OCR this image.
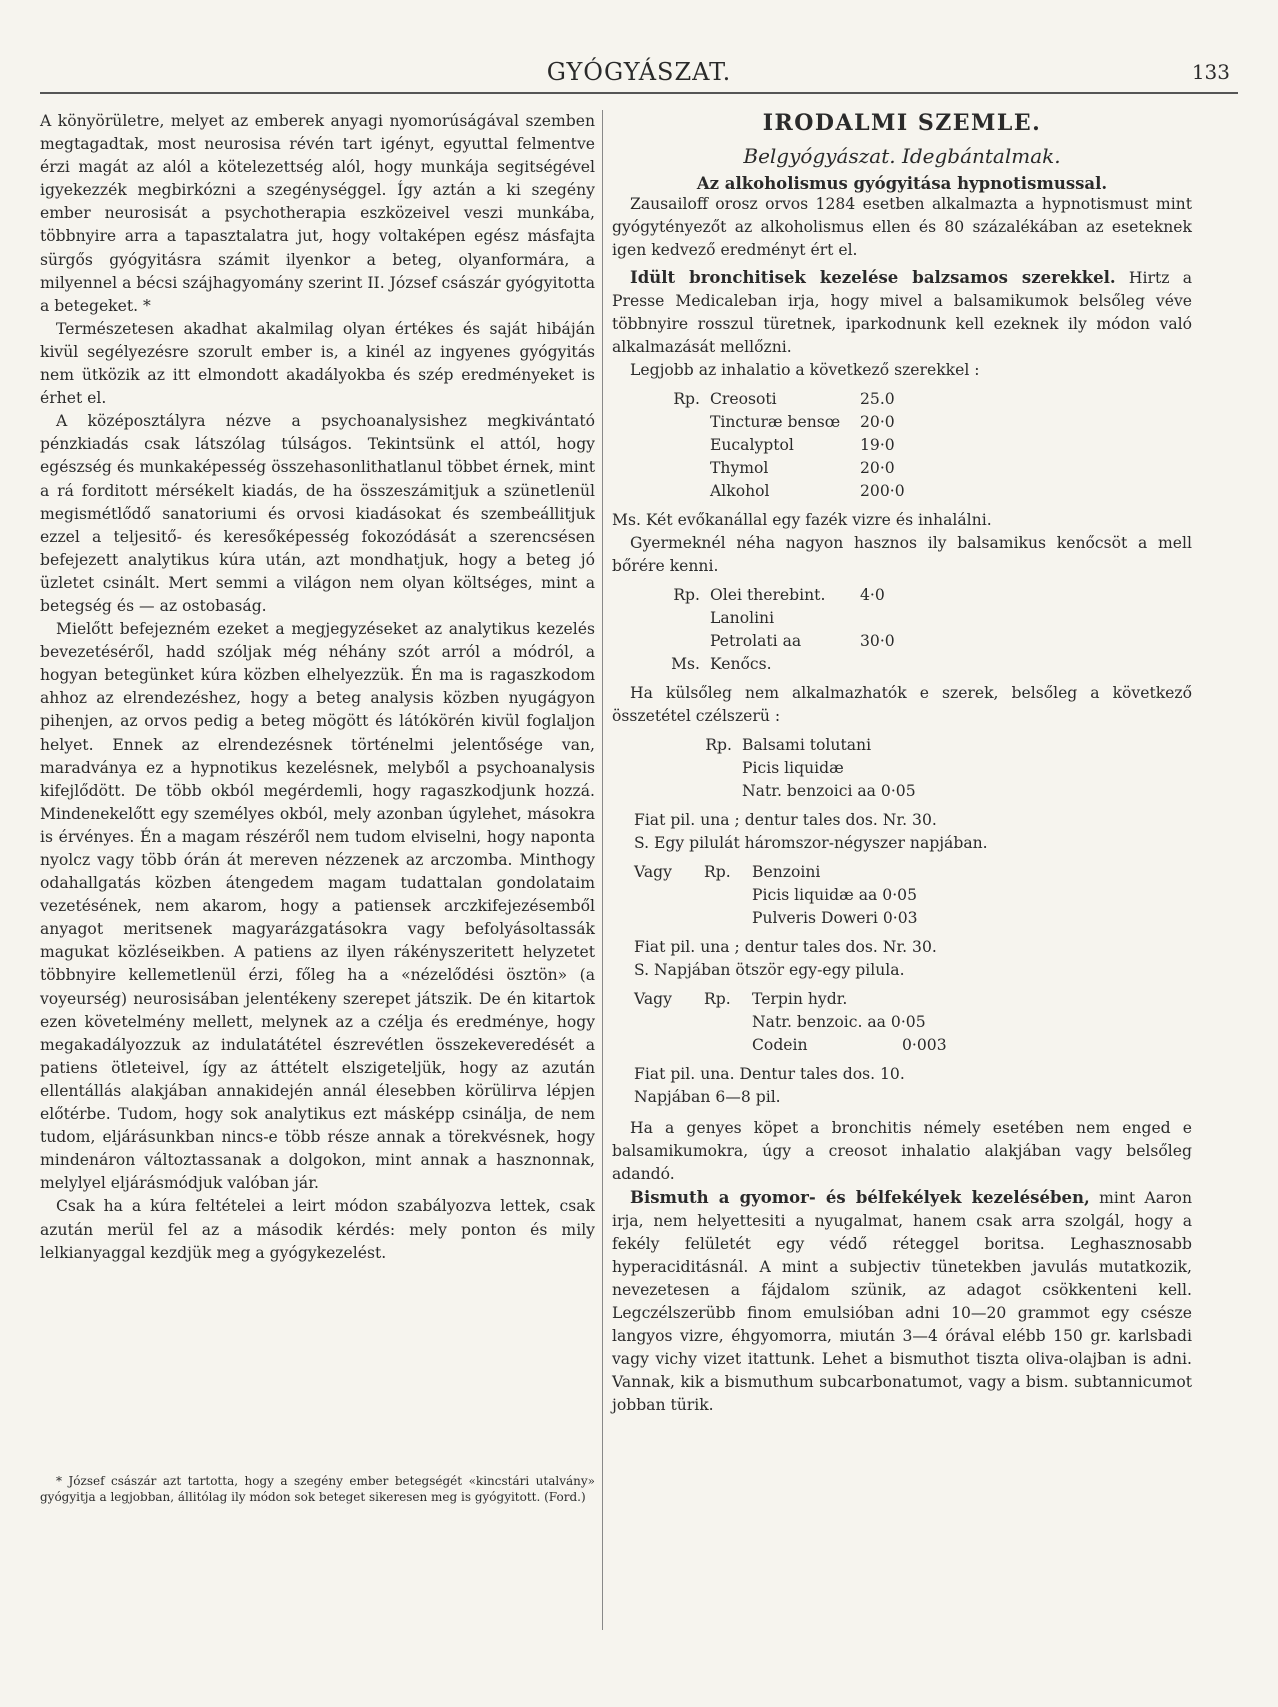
GYÓGYÁSZAT.	133

A könyörületre, melyet az emberek anyagi nyomorúságával szemben megtagadtak, most neurosisa révén tart igényt, egyuttal felmentve érzi magát az alól a kötelezettség alól, hogy munkája segitségével igyekezzék megbirkózni a szegénységgel. Így aztán a ki szegény ember neurosisát a psychotherapia eszközeivel veszi munkába, többnyire arra a tapasztalatra jut, hogy voltaképen egész másfajta sürgős gyógyitásra számit ilyenkor a beteg, olyanformára, a milyennel a bécsi szájhagyomány szerint II. József császár gyógyitotta a betegeket. *

Természetesen akadhat akalmilag olyan értékes és saját hibáján kivül segélyezésre szorult ember is, a kinél az ingyenes gyógyitás nem ütközik az itt elmondott akadályokba és szép eredményeket is érhet el.

A középosztályra nézve a psychoanalysishez megkivántató pénzkiadás csak látszólag túlságos. Tekintsünk el attól, hogy egészség és munkaképesség összehasonlithatlanul többet érnek, mint a rá forditott mérsékelt kiadás, de ha összeszámitjuk a szünetlenül megismétlődő sanatoriumi és orvosi kiadásokat és szembeállitjuk ezzel a teljesitő- és keresőképesség fokozódását a szerencsésen befejezett analytikus kúra után, azt mondhatjuk, hogy a beteg jó üzletet csinált. Mert semmi a világon nem olyan költséges, mint a betegség és — az ostobaság.

Mielőtt befejezném ezeket a megjegyzéseket az analytikus kezelés bevezetéséről, hadd szóljak még néhány szót arról a módról, a hogyan betegünket kúra közben elhelyezzük. Én ma is ragaszkodom ahhoz az elrendezéshez, hogy a beteg analysis közben nyugágyon pihenjen, az orvos pedig a beteg mögött és látókörén kivül foglaljon helyet. Ennek az elrendezésnek történelmi jelentősége van, maradványa ez a hypnotikus kezelésnek, melyből a psychoanalysis kifejlődött. De több okból megérdemli, hogy ragaszkodjunk hozzá. Mindenekelőtt egy személyes okból, mely azonban úgylehet, másokra is érvényes. Én a magam részéről nem tudom elviselni, hogy naponta nyolcz vagy több órán át mereven nézzenek az arczomba. Minthogy odahallgatás közben átengedem magam tudattalan gondolataim vezetésének, nem akarom, hogy a patiensek arczkifejezésemből anyagot meritsenek magyarázgatásokra vagy befolyásoltassák magukat közléseikben. A patiens az ilyen rákényszeritett helyzetet többnyire kellemetlenül érzi, főleg ha a «nézelődési ösztön» (a voyeurség) neurosisában jelentékeny szerepet játszik. De én kitartok ezen követelmény mellett, melynek az a czélja és eredménye, hogy megakadályozzuk az indulatátétel észrevétlen összekeveredését a patiens ötleteivel, így az áttételt elszigeteljük, hogy az azután ellentállás alakjában annakidején annál élesebben körülirva lépjen előtérbe. Tudom, hogy sok analytikus ezt másképp csinálja, de nem tudom, eljárásunkban nincs-e több része annak a törekvésnek, hogy mindenáron változtassanak a dolgokon, mint annak a hasznonnak, melylyel eljárásmódjuk valóban jár.

Csak ha a kúra feltételei a leirt módon szabályozva lettek, csak azután merül fel az a második kérdés: mely ponton és mily lelkianyaggal kezdjük meg a gyógykezelést.

* József császár azt tartotta, hogy a szegény ember betegségét «kincstári utalvány» gyógyitja a legjobban, állitólag ily módon sok beteget sikeresen meg is gyógyitott. (Ford.)

IRODALMI SZEMLE.
Belgyógyászat. Idegbántalmak.
Az alkoholismus gyógyitása hypnotismussal.

Zausailoff orosz orvos 1284 esetben alkalmazta a hypnotismust mint gyógytényezőt az alkoholismus ellen és 80 százalékában az eseteknek igen kedvező eredményt ért el.

Idült bronchitisek kezelése balzsamos szerekkel. Hirtz a Presse Medicaleban irja, hogy mivel a balsamikumok belsőleg véve többnyire rosszul türetnek, iparkodnunk kell ezeknek ily módon való alkalmazását mellőzni.

Legjobb az inhalatio a következő szerekkel :

Rp. Creosoti	25.0
Tincturæ bensœ	20·0
Eucalyptol	19·0
Thymol	20·0
Alkohol	200·0

Ms. Két evőkanállal egy fazék vizre és inhalálni.

Gyermeknél néha nagyon hasznos ily balsamikus kenőcsöt a mell bőrére kenni.

Rp. Olei therebint.	4·0
Lanolini
Petrolati aa	30·0
Ms. Kenőcs.

Ha külsőleg nem alkalmazhatók e szerek, belsőleg a következő összetétel czélszerü :

Rp. Balsami tolutani
Picis liquidæ
Natr. benzoici aa 0·05
Fiat pil. una ; dentur tales dos. Nr. 30.
S. Egy pilulát háromszor-négyszer napjában.
Vagy	Rp.	Benzoini
Picis liquidæ aa 0·05
Pulveris Doweri 0·03
Fiat pil. una ; dentur tales dos. Nr. 30.
S. Napjában ötször egy-egy pilula.
Vagy	Rp.	Terpin hydr.
Natr. benzoic. aa 0·05
Codein	0·003
Fiat pil. una. Dentur tales dos. 10.
Napjában 6—8 pil.

Ha a genyes köpet a bronchitis némely esetében nem enged e balsamikumokra, úgy a creosot inhalatio alakjában vagy belsőleg adandó.

Bismuth a gyomor- és bélfekélyek kezelésében, mint Aaron irja, nem helyettesiti a nyugalmat, hanem csak arra szolgál, hogy a fekély felületét egy védő réteggel boritsa. Leghasznosabb hyperaciditásnál. A mint a subjectiv tünetekben javulás mutatkozik, nevezetesen a fájdalom szünik, az adagot csökkenteni kell. Legczélszerübb finom emulsióban adni 10—20 grammot egy csésze langyos vizre, éhgyomorra, miután 3—4 órával elébb 150 gr. karlsbadi vagy vichy vizet itattunk. Lehet a bismuthot tiszta oliva-olajban is adni. Vannak, kik a bismuthum subcarbonatumot, vagy a bism. subtannicumot jobban türik.
